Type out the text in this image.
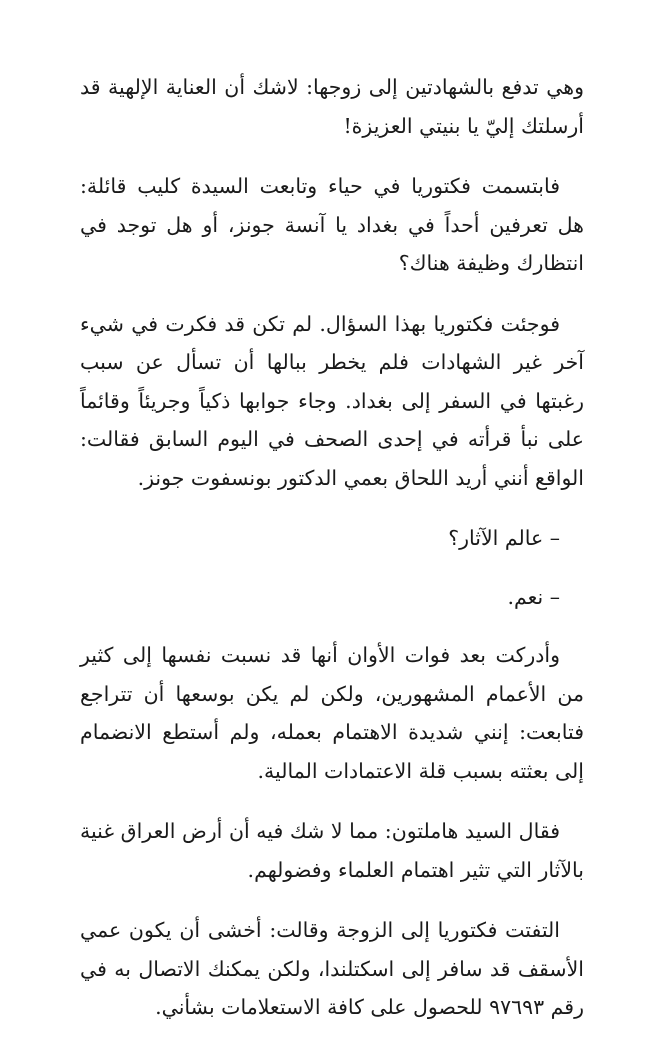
وهي تدفع بالشهادتين إلى زوجها: لاشك أن العناية الإلهية قد أرسلتك إليّ يا بنيتي العزيزة!

فابتسمت فكتوريا في حياء وتابعت السيدة كليب قائلة: هل تعرفين أحداً في بغداد يا آنسة جونز، أو هل توجد في انتظارك وظيفة هناك؟

فوجئت فكتوريا بهذا السؤال. لم تكن قد فكرت في شيء آخر غير الشهادات فلم يخطر ببالها أن تسأل عن سبب رغبتها في السفر إلى بغداد. وجاء جوابها ذكياً وجريئاً وقائماً على نبأ قرأته في إحدى الصحف في اليوم السابق فقالت: الواقع أنني أريد اللحاق بعمي الدكتور بونسفوت جونز.

– عالم الآثار؟

– نعم.

وأدركت بعد فوات الأوان أنها قد نسبت نفسها إلى كثير من الأعمام المشهورين، ولكن لم يكن بوسعها أن تتراجع فتابعت: إنني شديدة الاهتمام بعمله، ولم أستطع الانضمام إلى بعثته بسبب قلة الاعتمادات المالية.

فقال السيد هاملتون: مما لا شك فيه أن أرض العراق غنية بالآثار التي تثير اهتمام العلماء وفضولهم.

التفتت فكتوريا إلى الزوجة وقالت: أخشى أن يكون عمي الأسقف قد سافر إلى اسكتلندا، ولكن يمكنك الاتصال به في رقم ٩٧٦٩٣ للحصول على كافة الاستعلامات بشأني.
